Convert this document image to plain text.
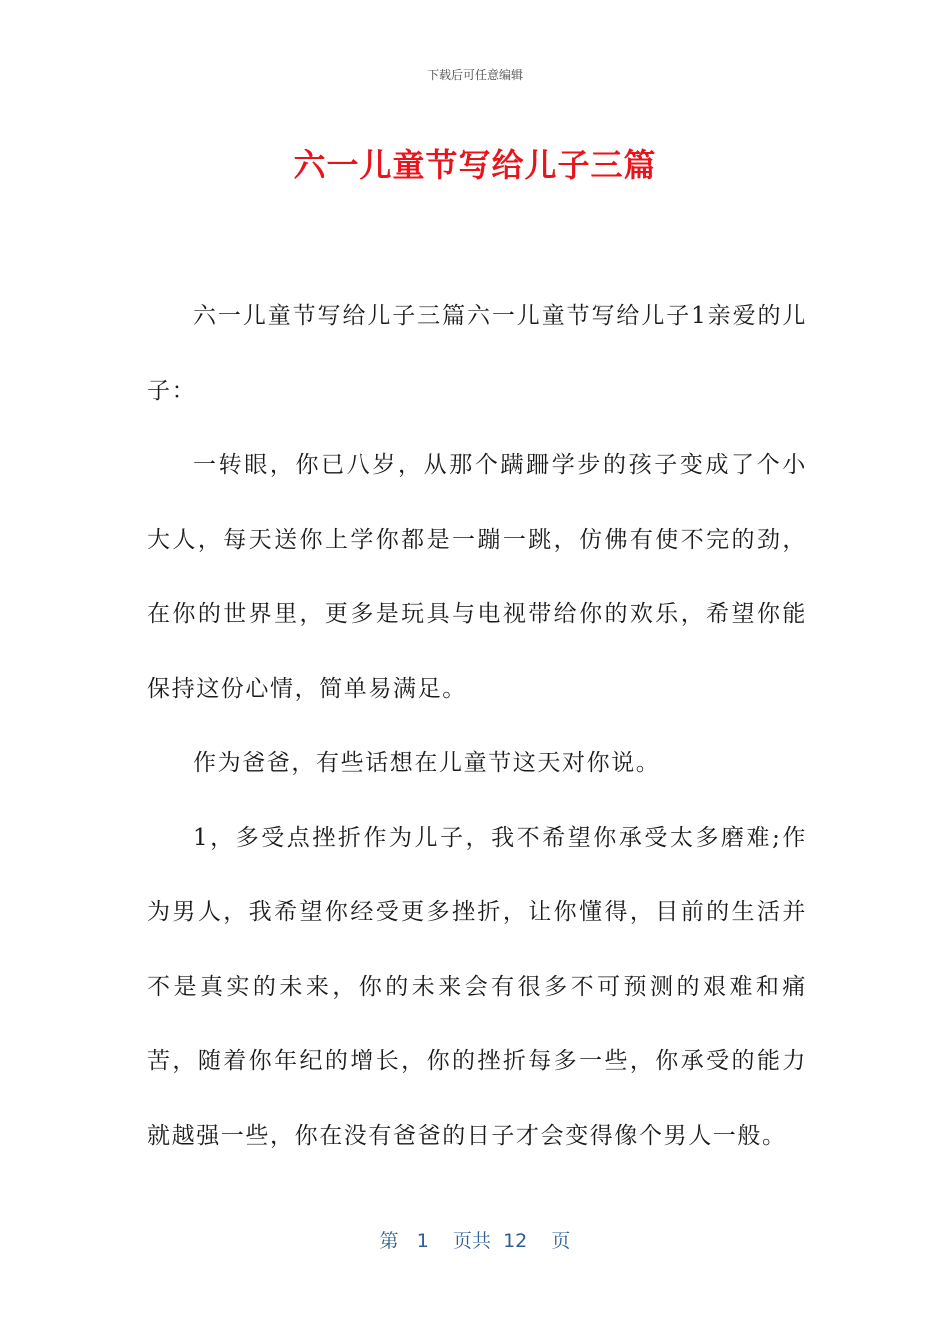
下载后可任意编辑
六一儿童节写给儿子三篇

六一儿童节写给儿子三篇六一儿童节写给儿子1亲爱的儿子：

一转眼，你已八岁，从那个蹒跚学步的孩子变成了个小大人，每天送你上学你都是一蹦一跳，仿佛有使不完的劲，在你的世界里，更多是玩具与电视带给你的欢乐，希望你能保持这份心情，简单易满足。

作为爸爸，有些话想在儿童节这天对你说。

1，多受点挫折作为儿子，我不希望你承受太多磨难;作为男人，我希望你经受更多挫折，让你懂得，目前的生活并不是真实的未来，你的未来会有很多不可预测的艰难和痛苦，随着你年纪的增长，你的挫折每多一些，你承受的能力就越强一些，你在没有爸爸的日子才会变得像个男人一般。

第 1 页共 12 页
